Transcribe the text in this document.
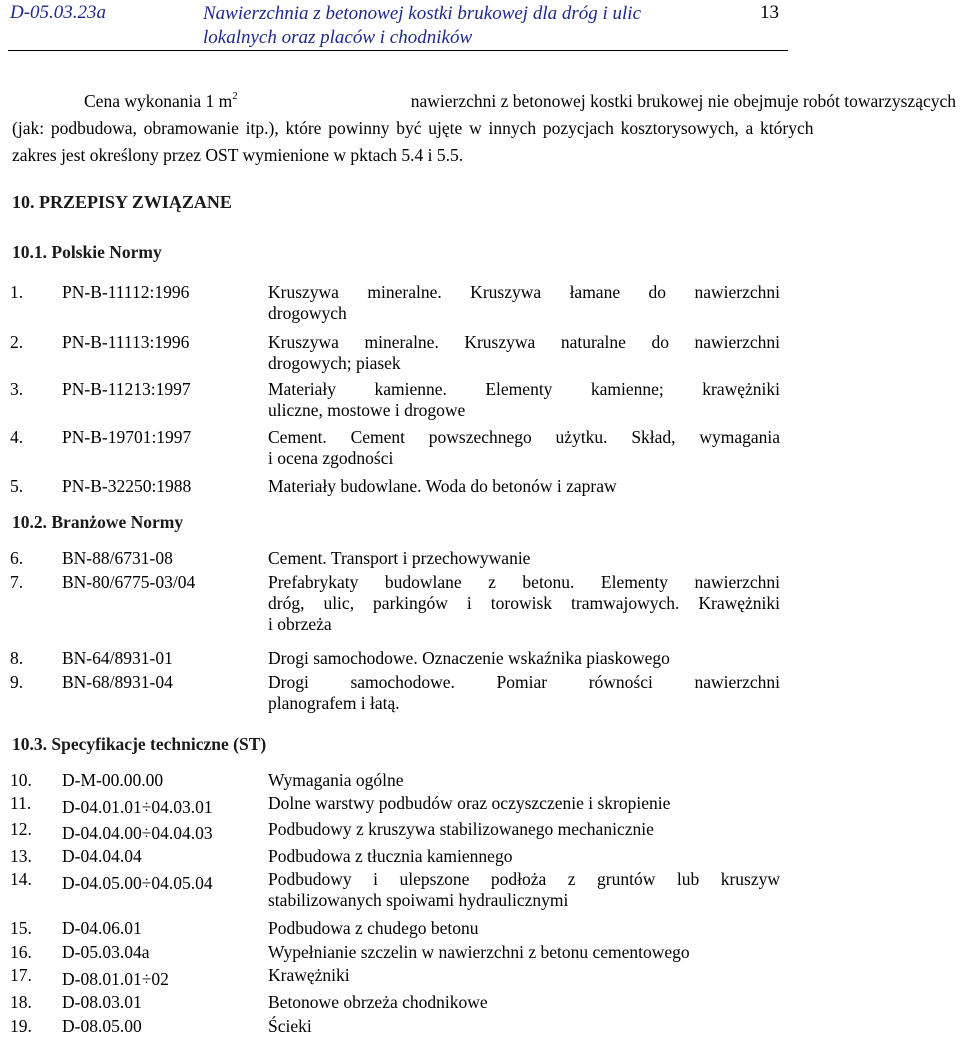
D-05.03.23a	Nawierzchnia z betonowej kostki brukowej dla dróg i ulic
lokalnych oraz placów i chodników
13
Cena wykonania 1 $m^2$	nawierzchni z betonowej kostki brukowej nie obejmuje robót towarzyszących
(jak: podbudowa, obramowanie itp.), które powinny być ujęte w innych pozycjach kosztorysowych, a których
zakres jest określony przez OST wymienione w pktach 5.4 i 5.5.
10. PRZEPISY ZWIĄZANE
10.1. Polskie Normy
1. PN-B-11112:1996	Kruszywa mineralne. Kruszywa łamane do nawierzchni
drogowych
2. PN-B-11113:1996	Kruszywa mineralne. Kruszywa naturalne do nawierzchni
drogowych; piasek
3. PN-B-11213:1997	Materiały kamienne. Elementy kamienne; krawężniki
uliczne, mostowe i drogowe
4. PN-B-19701:1997	Cement. Cement powszechnego użytku. Skład, wymagania
i ocena zgodności
5. PN-B-32250:1988	Materiały budowlane. Woda do betonów i zapraw
10.2. Branżowe Normy
6. BN-88/6731-08	Cement. Transport i przechowywanie
7. BN-80/6775-03/04	Prefabrykaty budowlane z betonu. Elementy nawierzchni
dróg, ulic, parkingów i torowisk tramwajowych. Krawężniki
i obrzeża
8. BN-64/8931-01	Drogi samochodowe. Oznaczenie wskaźnika piaskowego
9. BN-68/8931-04	Drogi samochodowe. Pomiar równości nawierzchni
planografem i łatą.
10.3. Specyfikacje techniczne (ST)
10. D-M-00.00.00	Wymagania ogólne
11. D-04.01.01÷04.03.01	Dolne warstwy podbudów oraz oczyszczenie i skropienie
12. D-04.04.00÷04.04.03	Podbudowy z kruszywa stabilizowanego mechanicznie
13. D-04.04.04	Podbudowa z tłucznia kamiennego
14. D-04.05.00÷04.05.04	Podbudowy i ulepszone podłoża z gruntów lub kruszyw
stabilizowanych spoiwami hydraulicznymi
15. D-04.06.01	Podbudowa z chudego betonu
16. D-05.03.04a	Wypełnianie szczelin w nawierzchni z betonu cementowego
17. D-08.01.01÷02	Krawężniki
18. D-08.03.01	Betonowe obrzeża chodnikowe
19. D-08.05.00	Ścieki
